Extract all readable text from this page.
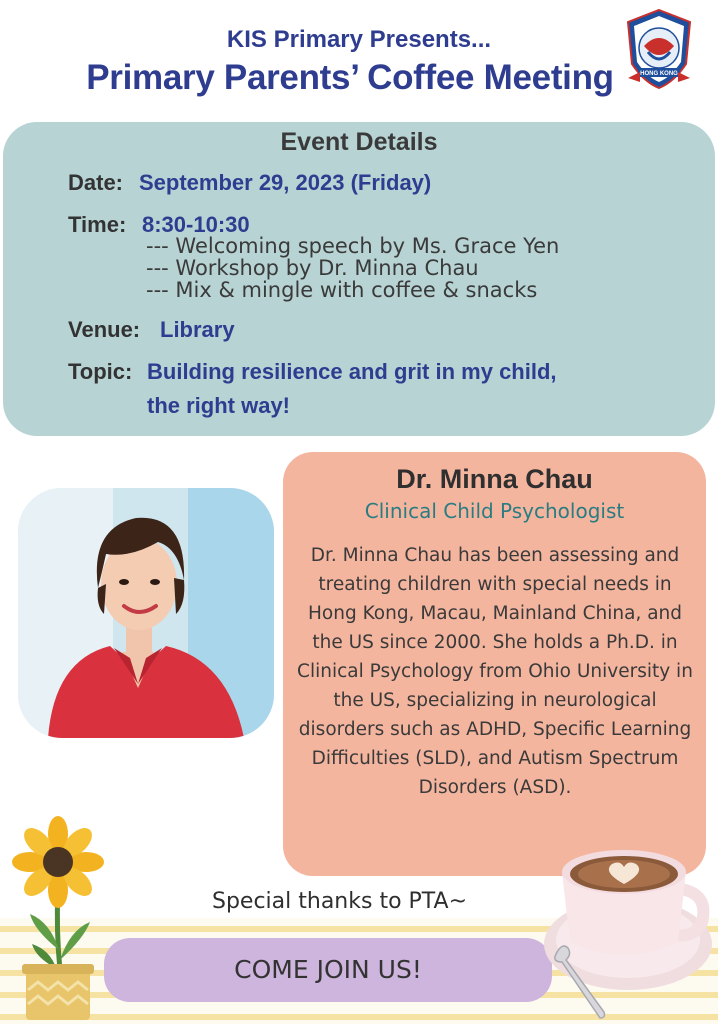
KIS Primary Presents...
Primary Parents’ Coffee Meeting	HONG KONG
Event Details
Date: September 29, 2023 (Friday)
Time: 8:30-10:30
--- Welcoming speech by Ms. Grace Yen
--- Workshop by Dr. Minna Chau
--- Mix & mingle with coffee & snacks
Venue: Library
Topic: Building resilience and grit in my child,
the right way!
Dr. Minna Chau
Clinical Child Psychologist
Dr. Minna Chau has been assessing and treating children with special needs in Hong Kong, Macau, Mainland China, and the US since 2000. She holds a Ph.D. in Clinical Psychology from Ohio University in the US, specializing in neurological disorders such as ADHD, Specific Learning Difficulties (SLD), and Autism Spectrum Disorders (ASD).
Special thanks to PTA~
COME JOIN US!
